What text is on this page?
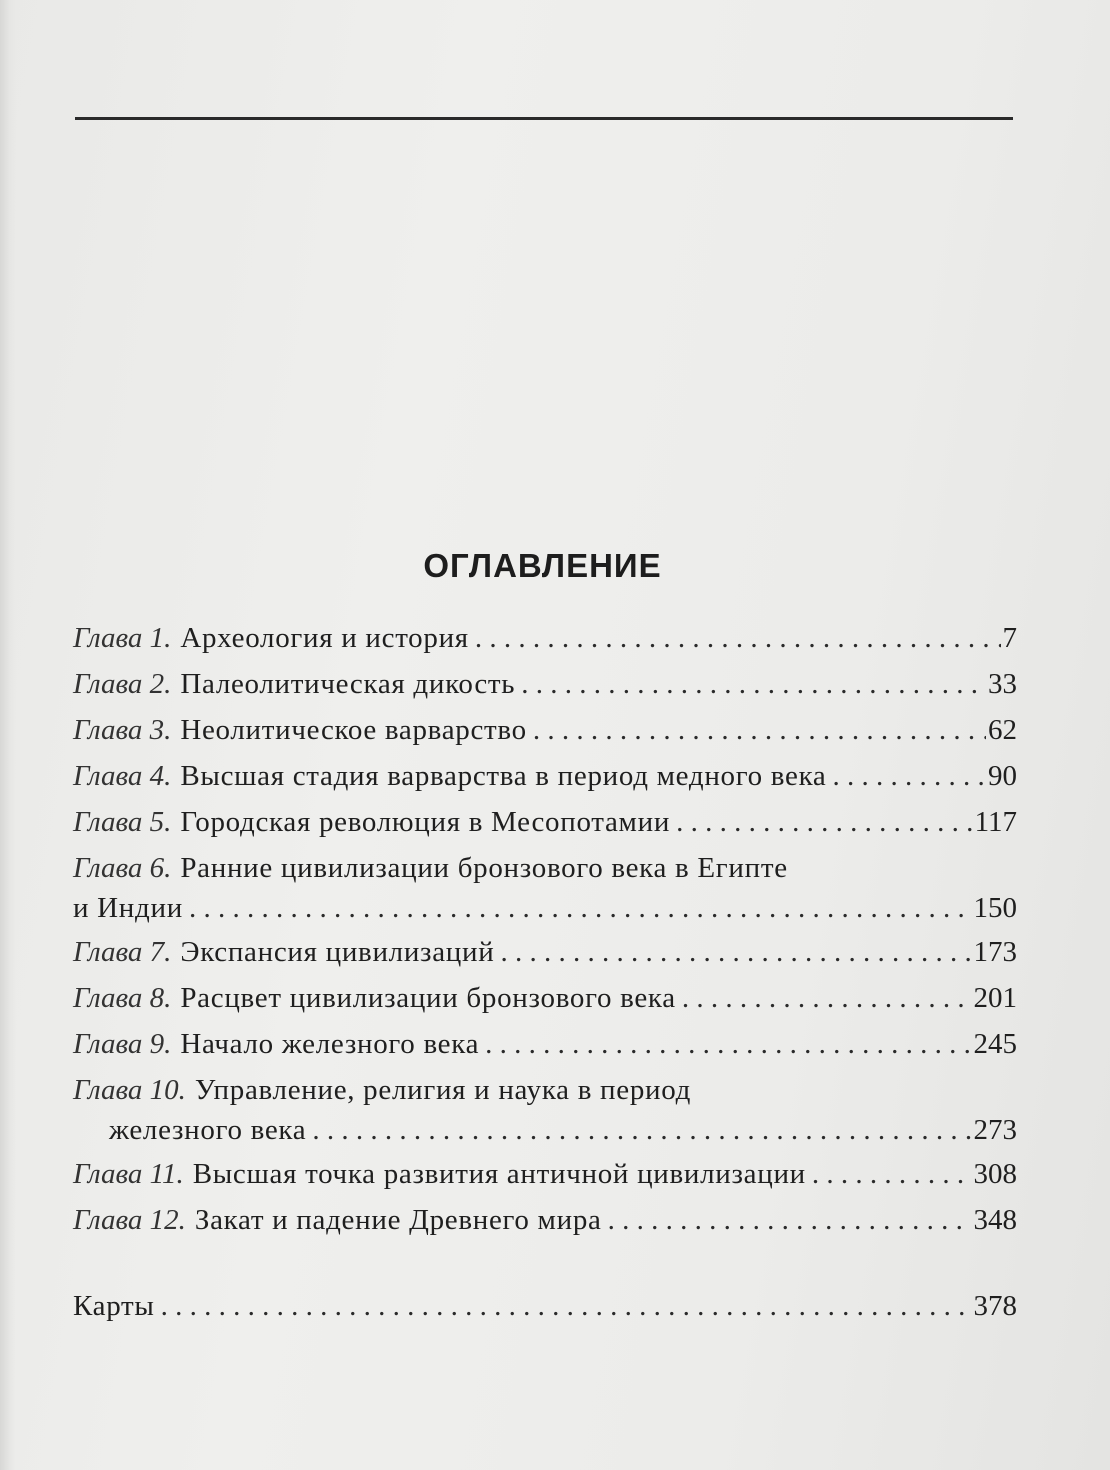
ОГЛАВЛЕНИЕ
Глава 1. Археология и история . . .	7
Глава 2. Палеолитическая дикость . . .	33
Глава 3. Неолитическое варварство . . .	62
Глава 4. Высшая стадия варварства в период медного века . . .	90
Глава 5. Городская революция в Месопотамии . . .	117
Глава 6. Ранние цивилизации бронзового века в Египте
и Индии . . .	150
Глава 7. Экспансия цивилизаций . . .	173
Глава 8. Расцвет цивилизации бронзового века . . .	201
Глава 9. Начало железного века . . .	245
Глава 10. Управление, религия и наука в период
железного века . . .	273
Глава 11. Высшая точка развития античной цивилизации . . .	308
Глава 12. Закат и падение Древнего мира . . .	348
Карты . . .	378
